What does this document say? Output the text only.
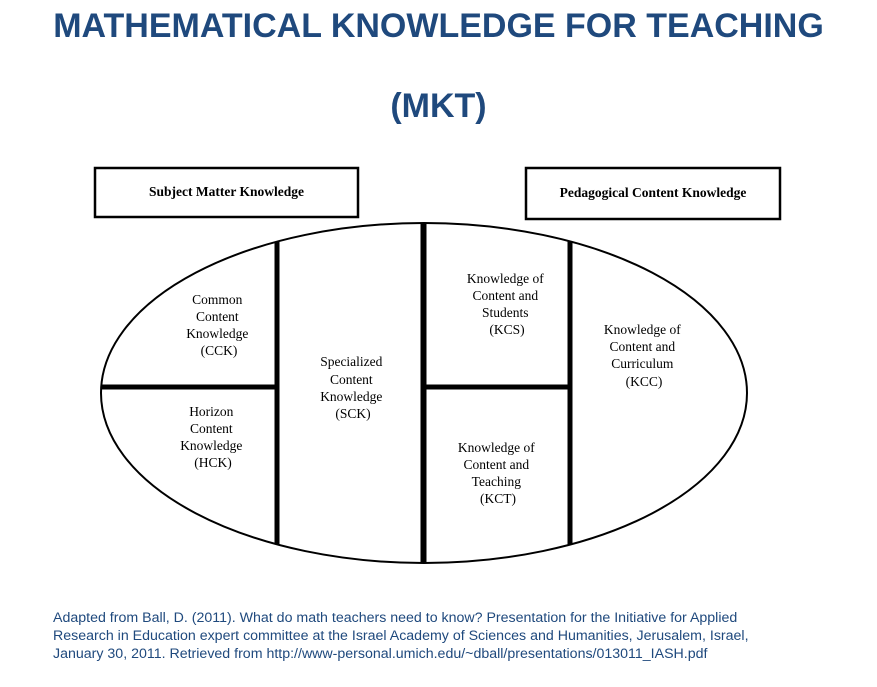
MATHEMATICAL KNOWLEDGE FOR TEACHING
(MKT)
Subject Matter Knowledge	Pedagogical Content Knowledge
Common Content Knowledge (CCK)
Horizon Content Knowledge (HCK)
Specialized Content Knowledge (SCK)
Knowledge of Content and Students (KCS)
Knowledge of Content and Teaching (KCT)
Knowledge of Content and Curriculum (KCC)
Adapted from Ball, D. (2011). What do math teachers need to know? Presentation for the Initiative for Applied
Research in Education expert committee at the Israel Academy of Sciences and Humanities, Jerusalem, Israel,
January 30, 2011. Retrieved from http://www-personal.umich.edu/~dball/presentations/013011_IASH.pdf
